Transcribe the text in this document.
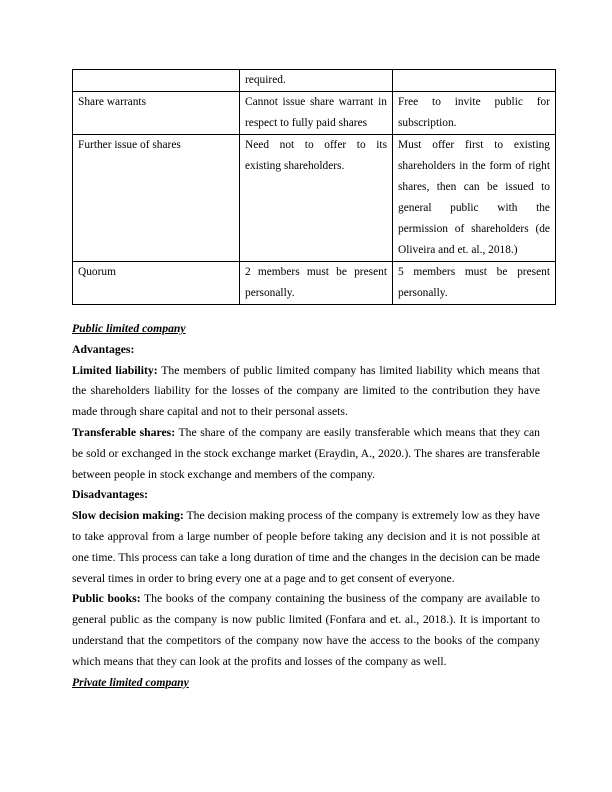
	required.	
Share warrants	Cannot issue share warrant in respect to fully paid shares	Free to invite public for subscription.
Further issue of shares	Need not to offer to its existing shareholders.	Must offer first to existing shareholders in the form of right shares, then can be issued to general public with the permission of shareholders (de Oliveira and et. al., 2018.)
Quorum	2 members must be present personally.	5 members must be present personally.

Public limited company

Advantages:

Limited liability: The members of public limited company has limited liability which means that the shareholders liability for the losses of the company are limited to the contribution they have made through share capital and not to their personal assets.

Transferable shares: The share of the company are easily transferable which means that they can be sold or exchanged in the stock exchange market (Eraydin, A., 2020.). The shares are transferable between people in stock exchange and members of the company.

Disadvantages:

Slow decision making: The decision making process of the company is extremely low as they have to take approval from a large number of people before taking any decision and it is not possible at one time. This process can take a long duration of time and the changes in the decision can be made several times in order to bring every one at a page and to get consent of everyone.

Public books: The books of the company containing the business of the company are available to general public as the company is now public limited (Fonfara and et. al., 2018.). It is important to understand that the competitors of the company now have the access to the books of the company which means that they can look at the profits and losses of the company as well.

Private limited company
